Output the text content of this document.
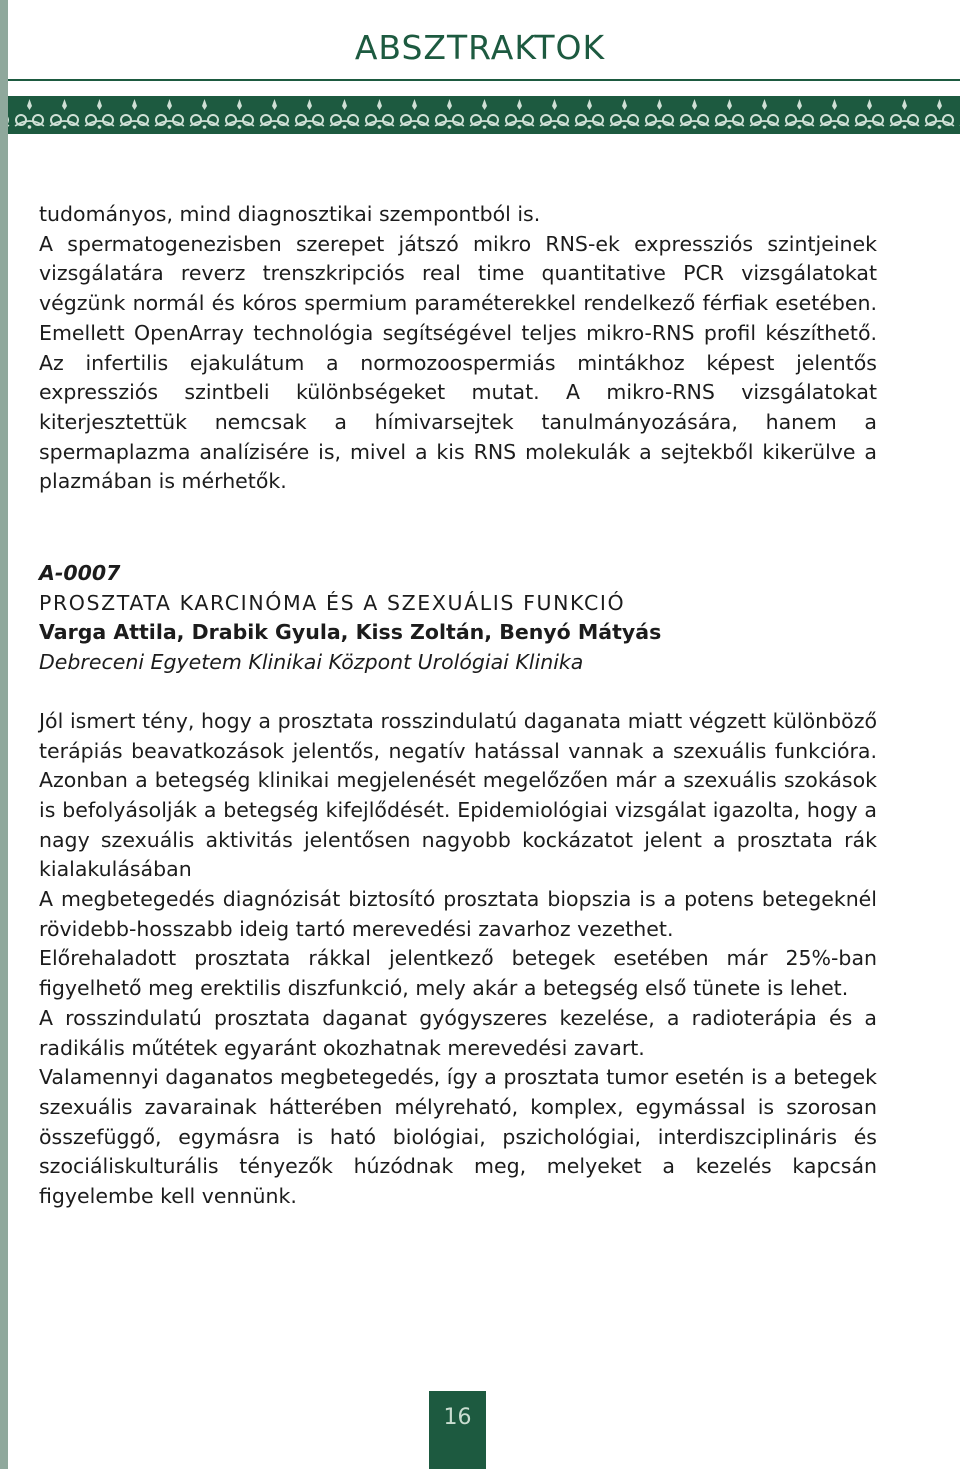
ABSZTRAKTOK

tudományos, mind diagnosztikai szempontból is.

A spermatogenezisben szerepet játszó mikro RNS-ek expressziós szintjeinek vizsgálatára reverz trenszkripciós real time quantitative PCR vizsgálatokat végzünk normál és kóros spermium paraméterekkel rendelkező férfiak esetében. Emellett OpenArray technológia segítségével teljes mikro-RNS profil készíthető. Az infertilis ejakulátum a normozoospermiás mintákhoz képest jelentős expressziós szintbeli különbségeket mutat. A mikro-RNS vizsgálatokat kiterjesztettük nemcsak a hímivarsejtek tanulmányozására, hanem a spermaplazma analízisére is, mivel a kis RNS molekulák a sejtekből kikerülve a plazmában is mérhetők.

A-0007

PROSZTATA KARCINÓMA ÉS A SZEXUÁLIS FUNKCIÓ

Varga Attila, Drabik Gyula, Kiss Zoltán, Benyó Mátyás

Debreceni Egyetem Klinikai Központ Urológiai Klinika

Jól ismert tény, hogy a prosztata rosszindulatú daganata miatt végzett különböző terápiás beavatkozások jelentős, negatív hatással vannak a szexuális funkcióra. Azonban a betegség klinikai megjelenését megelőzően már a szexuális szokások is befolyásolják a betegség kifejlődését. Epidemiológiai vizsgálat igazolta, hogy a nagy szexuális aktivitás jelentősen nagyobb kockázatot jelent a prosztata rák kialakulásában

A megbetegedés diagnózisát biztosító prosztata biopszia is a potens betegeknél rövidebb-hosszabb ideig tartó merevedési zavarhoz vezethet.

Előrehaladott prosztata rákkal jelentkező betegek esetében már 25%-ban figyelhető meg erektilis diszfunkció, mely akár a betegség első tünete is lehet.

A rosszindulatú prosztata daganat gyógyszeres kezelése, a radioterápia és a radikális műtétek egyaránt okozhatnak merevedési zavart.

Valamennyi daganatos megbetegedés, így a prosztata tumor esetén is a betegek szexuális zavarainak hátterében mélyreható, komplex, egymással is szorosan összefüggő, egymásra is ható biológiai, pszichológiai, interdiszciplináris és szociáliskulturális tényezők húzódnak meg, melyeket a kezelés kapcsán figyelembe kell vennünk.

16
